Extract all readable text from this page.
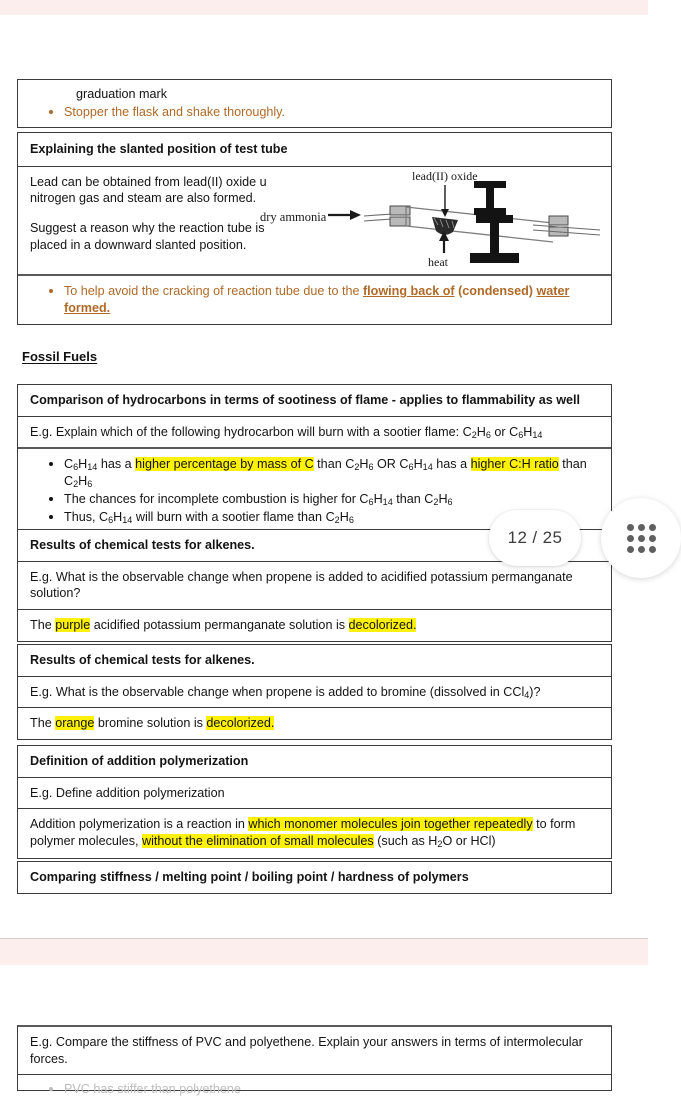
graduation mark
Stopper the flask and shake thoroughly.
Explaining the slanted position of test tube

Lead can be obtained from lead(II) oxide u
nitrogen gas and steam are also formed.

Suggest a reason why the reaction tube is
placed in a downward slanted position.

lead(II) oxide
heat
dry ammonia
To help avoid the cracking of reaction tube due to the flowing back of (condensed) water formed.
Fossil Fuels
Comparison of hydrocarbons in terms of sootiness of flame - applies to flammability as well
E.g. Explain which of the following hydrocarbon will burn with a sootier flame: $C_2H_6$ or $C_6H_{14}$
$C_6H_{14}$ has a higher percentage by mass of C than $C_2H_6$ OR $C_6H_{14}$ has a higher C:H ratio than
$C_2H_6$
The chances for incomplete combustion is higher for $C_6H_{14}$ than $C_2H_6$
Thus, $C_6H_{14}$ will burn with a sootier flame than $C_2H_6$
Results of chemical tests for alkenes.
E.g. What is the observable change when propene is added to acidified potassium permanganate solution?
The purple acidified potassium permanganate solution is decolorized.
Results of chemical tests for alkenes.
E.g. What is the observable change when propene is added to bromine (dissolved in CCl$_4$)?
The orange bromine solution is decolorized.
Definition of addition polymerization
E.g. Define addition polymerization
Addition polymerization is a reaction in which monomer molecules join together repeatedly to form polymer molecules, without the elimination of small molecules (such as $H_2O$ or HCl)
Comparing stiffness / melting point / boiling point / hardness of polymers
E.g. Compare the stiffness of PVC and polyethene. Explain your answers in terms of intermolecular forces.
PVC has stiffer than polyethene
12 / 25
